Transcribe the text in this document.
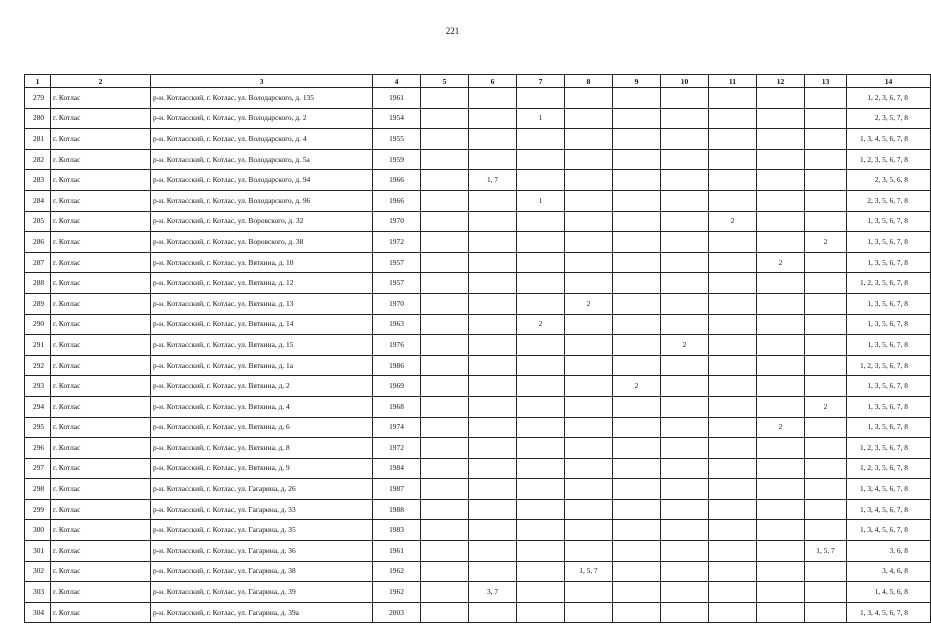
221
1	2	3	4	5	6	7	8	9	10	11	12	13	14
279	г. Котлас	р-н. Котласский, г. Котлас, ул. Володарского, д. 135	1961										1, 2, 3, 6, 7, 8
280	г. Котлас	р-н. Котласский, г. Котлас, ул. Володарского, д. 2	1954			1							2, 3, 5, 7, 8
281	г. Котлас	р-н. Котласский, г. Котлас, ул. Володарского, д. 4	1955										1, 3, 4, 5, 6, 7, 8
282	г. Котлас	р-н. Котласский, г. Котлас, ул. Володарского, д. 5а	1959										1, 2, 3, 5, 6, 7, 8
283	г. Котлас	р-н. Котласский, г. Котлас, ул. Володарского, д. 94	1966		1, 7								2, 3, 5, 6, 8
284	г. Котлас	р-н. Котласский, г. Котлас, ул. Володарского, д. 96	1966			1							2, 3, 5, 6, 7, 8
285	г. Котлас	р-н. Котласский, г. Котлас, ул. Воровского, д. 32	1970							2			1, 3, 5, 6, 7, 8
286	г. Котлас	р-н. Котласский, г. Котлас, ул. Воровского, д. 38	1972									2	1, 3, 5, 6, 7, 8
287	г. Котлас	р-н. Котласский, г. Котлас, ул. Вяткина, д. 10	1957								2		1, 3, 5, 6, 7, 8
288	г. Котлас	р-н. Котласский, г. Котлас, ул. Вяткина, д. 12	1957										1, 2, 3, 5, 6, 7, 8
289	г. Котлас	р-н. Котласский, г. Котлас, ул. Вяткина, д. 13	1970				2						1, 3, 5, 6, 7, 8
290	г. Котлас	р-н. Котласский, г. Котлас, ул. Вяткина, д. 14	1963			2							1, 3, 5, 6, 7, 8
291	г. Котлас	р-н. Котласский, г. Котлас, ул. Вяткина, д. 15	1976						2				1, 3, 5, 6, 7, 8
292	г. Котлас	р-н. Котласский, г. Котлас, ул. Вяткина, д. 1а	1986										1, 2, 3, 5, 6, 7, 8
293	г. Котлас	р-н. Котласский, г. Котлас, ул. Вяткина, д. 2	1969					2					1, 3, 5, 6, 7, 8
294	г. Котлас	р-н. Котласский, г. Котлас, ул. Вяткина, д. 4	1968									2	1, 3, 5, 6, 7, 8
295	г. Котлас	р-н. Котласский, г. Котлас, ул. Вяткина, д. 6	1974								2		1, 3, 5, 6, 7, 8
296	г. Котлас	р-н. Котласский, г. Котлас, ул. Вяткина, д. 8	1972										1, 2, 3, 5, 6, 7, 8
297	г. Котлас	р-н. Котласский, г. Котлас, ул. Вяткина, д. 9	1984										1, 2, 3, 5, 6, 7, 8
298	г. Котлас	р-н. Котласский, г. Котлас, ул. Гагарина, д. 26	1987										1, 3, 4, 5, 6, 7, 8
299	г. Котлас	р-н. Котласский, г. Котлас, ул. Гагарина, д. 33	1988										1, 3, 4, 5, 6, 7, 8
300	г. Котлас	р-н. Котласский, г. Котлас, ул. Гагарина, д. 35	1983										1, 3, 4, 5, 6, 7, 8
301	г. Котлас	р-н. Котласский, г. Котлас, ул. Гагарина, д. 36	1961									1, 5, 7	3, 6, 8
302	г. Котлас	р-н. Котласский, г. Котлас, ул. Гагарина, д. 38	1962				1, 5, 7						3, 4, 6, 8
303	г. Котлас	р-н. Котласский, г. Котлас, ул. Гагарина, д. 39	1962		3, 7								1, 4, 5, 6, 8
304	г. Котлас	р-н. Котласский, г. Котлас, ул. Гагарина, д. 39а	2003										1, 3, 4, 5, 6, 7, 8
